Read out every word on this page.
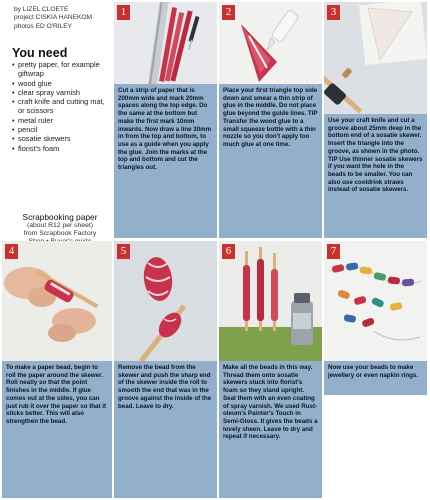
by LIZEL CLOETE
project CISKIA HANEKOM
photos ED O'RILEY
You need
• pretty paper, for example giftwrap
• wood glue
• clear spray varnish
• craft knife and cutting mat, or scissors
• metal ruler
• pencil
• sosatie skewers
• florist's foam
Scrapbooking paper
(about R12 per sheet)
from Scrapbook Factory
1

Cut a strip of paper that is 200mm wide and mark 20mm spaces along the top edge. Do the same at the bottom but make the first mark 10mm inwards. Now draw a line 30mm in from the top and bottom, to use as a guide when you apply the glue. Join the marks at the top and bottom and cut the triangles out.

2

Place your first triangle top side down and smear a thin strip of glue in the middle. Do not place glue beyond the guide lines. TIP Transfer the wood glue to a small squeeze bottle with a thin nozzle so you don't apply too much glue at one time.

3

Use your craft knife and cut a groove about 25mm deep in the bottom end of a sosatie skewer. Insert the triangle into the groove, as shown in the photo. TIP Use thinner sosatie skewers if you want the hole in the beads to be smaller. You can also use cooldrink straws instead of sosatie skewers.

4

To make a paper bead, begin to roll the paper around the skewer. Roll neatly so that the point finishes in the middle. If glue comes out at the sides, you can just rub it over the paper so that it sticks better. This will also strengthen the bead.

5

Remove the bead from the skewer and push the sharp end of the skewer inside the roll to smooth the end that was in the groove against the inside of the bead. Leave to dry.

6

Make all the beads in this way. Thread them onto sosatie skewers stuck into florist's foam so they stand upright. Seal them with an even coating of spray varnish. We used Rust-oleum's Painter's Touch in Semi-Gloss. It gives the beads a lovely sheen. Leave to dry and repeat if necessary.

7

Now use your beads to make jewellery or even napkin rings.
